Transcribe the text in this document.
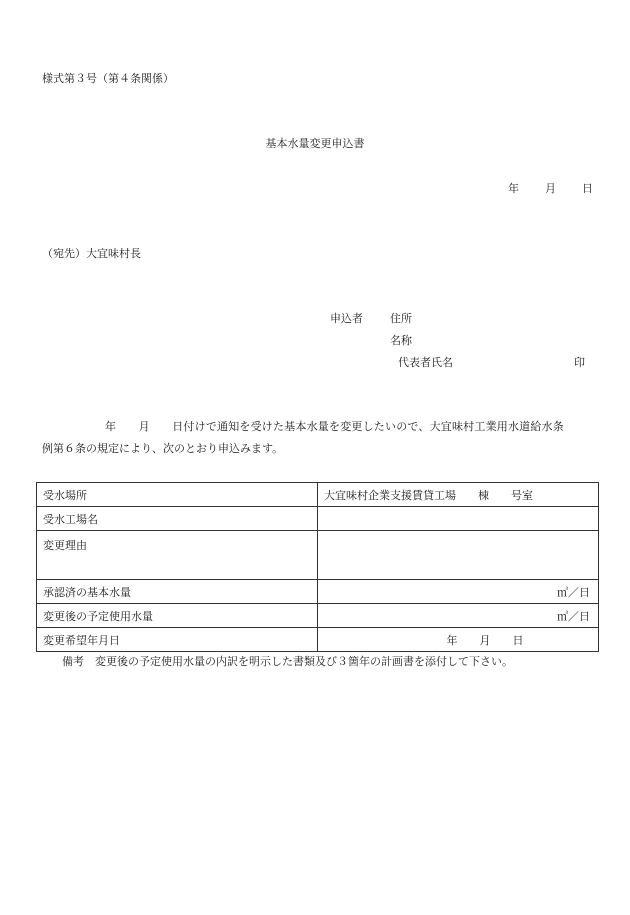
様式第３号（第４条関係）
基本水量変更申込書
年 月 日
（宛先）大宜味村長
申込者 住所
名称
代表者氏名	印
年　　月　　日付けで通知を受けた基本水量を変更したいので、大宜味村工業用水道給水条
例第６条の規定により、次のとおり申込みます。
受水場所	大宜味村企業支援賃貸工場　　棟　　号室
受水工場名	
変更理由	
承認済の基本水量	㎥／日
変更後の予定使用水量	㎥／日
変更希望年月日	年　　月　　日
備考　変更後の予定使用水量の内訳を明示した書類及び３箇年の計画書を添付して下さい。
